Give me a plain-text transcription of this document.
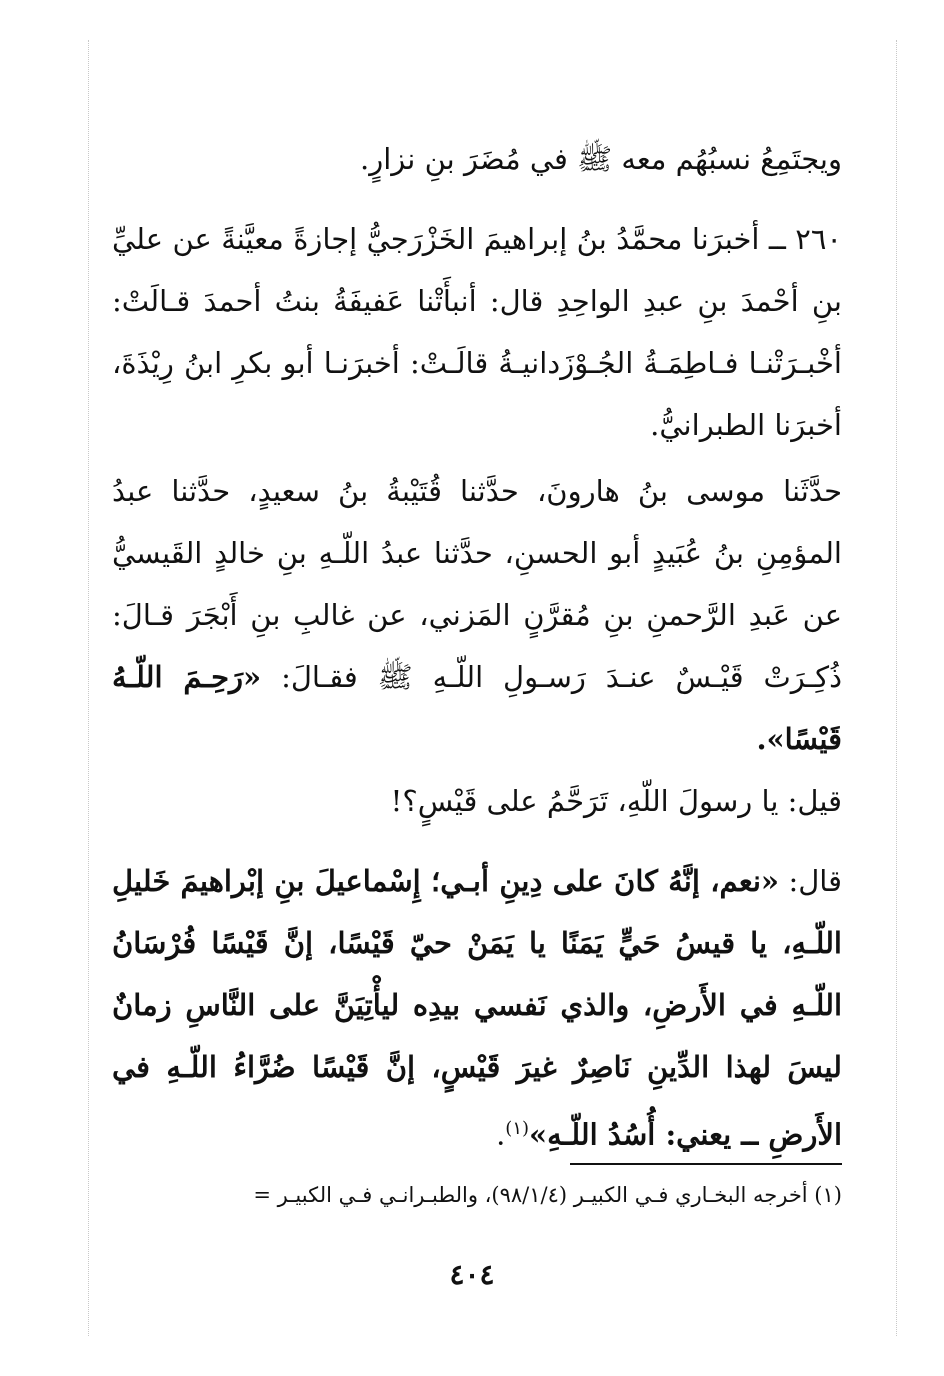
ويجتَمِعُ نسبُهُم معه ﷺ في مُضَرَ بنِ نزارٍ.

٢٦٠ ــ أخبرَنا محمَّدُ بنُ إبراهيمَ الخَزْرَجيُّ إجازةً معيَّنةً عن عليِّ بنِ أحْمدَ بنِ عبدِ الواحِدِ قال: أنبأَتْنا عَفيفَةُ بنتُ أحمدَ قـالَتْ: أخْبـرَتْنـا فـاطِمَـةُ الجُـوْزَدانيـةُ قالَـتْ: أخبرَنـا أبو بكرِ ابنُ رِيْذَةَ، أخبرَنا الطبرانيُّ.

حدَّثَنا موسى بنُ هارونَ، حدَّثنا قُتَيْبةُ بنُ سعيدٍ، حدَّثنا عبدُ المؤمِنِ بنُ عُبَيدٍ أبو الحسنِ، حدَّثنا عبدُ اللّـهِ بنِ خالدٍ القَيسيُّ عن عَبدِ الرَّحمنِ بنِ مُقرَّنٍ المَزني، عن غالبِ بنِ أَبْجَرَ قـالَ: ذُكِـرَتْ قَيْـسٌ عنـدَ رَسـولِ اللّـهِ ﷺ فقـالَ: «رَحِـمَ اللّـهُ قَيْسًا».

قيل: يا رسولَ اللّهِ، تَرَحَّمُ على قَيْسٍ؟!

قال: «نعم، إنَّهُ كانَ على دِينِ أبـي؛ إِسْماعيلَ بنِ إبْراهيمَ خَليلِ اللّـهِ، يا قيسُ حَيٍّ يَمَنًا يا يَمَنْ حيّ قَيْسًا، إنَّ قَيْسًا فُرْسَانُ اللّـهِ في الأَرضِ، والذي نَفسي بيدِه ليأْتِيَنَّ على النَّاسِ زمانٌ ليسَ لهذا الدِّينِ نَاصِرٌ غيرَ قَيْسٍ، إنَّ قَيْسًا ضُرَّاءُ اللّـهِ في الأَرضِ ــ يعني: أُسُدُ اللّـهِ»$^{(١)}$.

(١) أخرجه البخـاري فـي الكبيـر (٩٨/١/٤)، والطبـرانـي فـي الكبيـر =

٤٠٤
